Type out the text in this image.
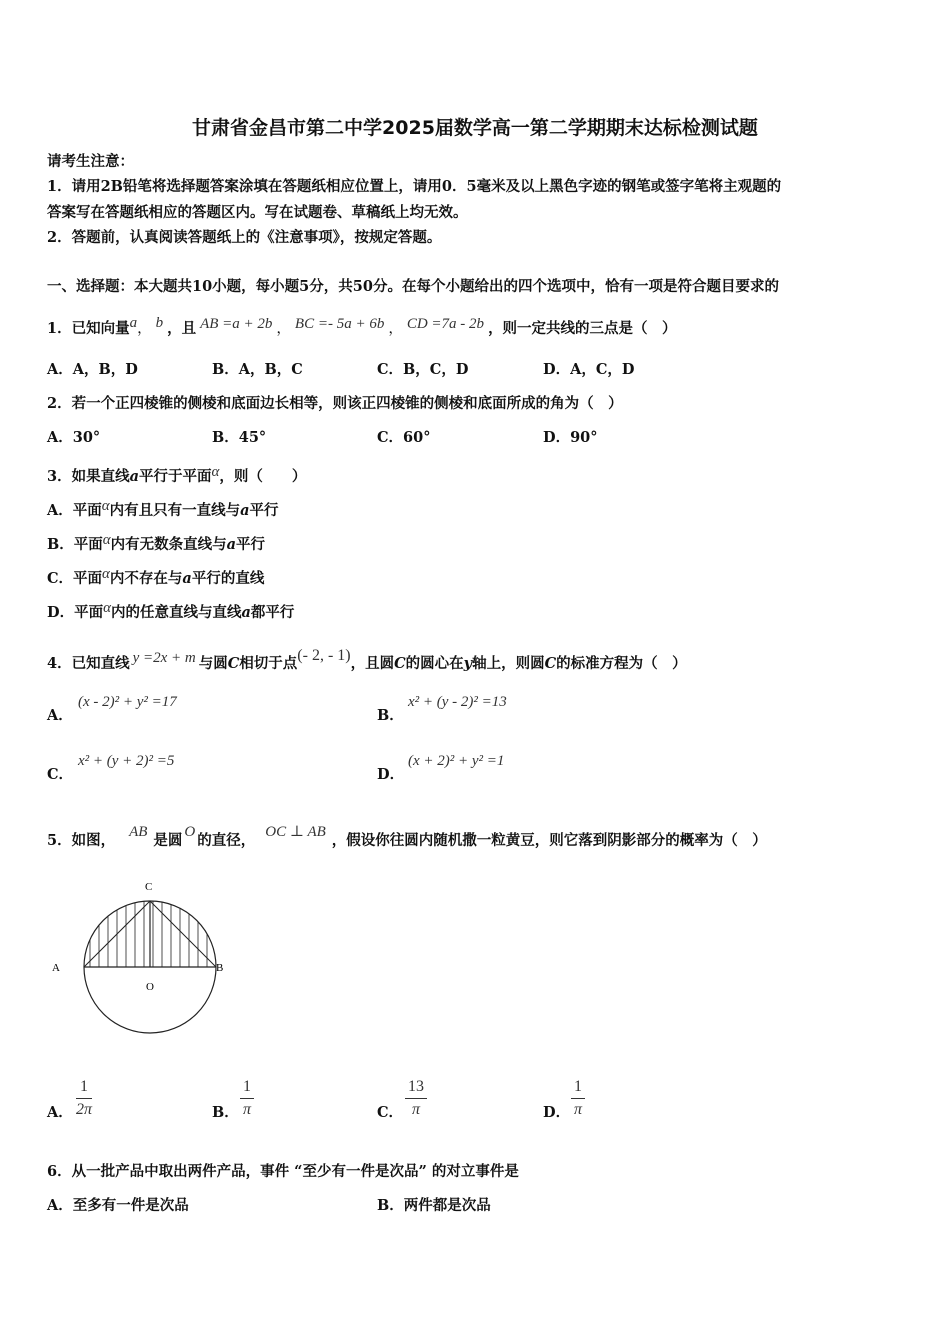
甘肃省金昌市第二中学2025届数学高一第二学期期末达标检测试题
请考生注意：
1．请用2B铅笔将选择题答案涂填在答题纸相应位置上，请用0．5毫米及以上黑色字迹的钢笔或签字笔将主观题的
答案写在答题纸相应的答题区内。写在试题卷、草稿纸上均无效。
2．答题前，认真阅读答题纸上的《注意事项》，按规定答题。
一、选择题：本大题共10小题，每小题5分，共50分。在每个小题给出的四个选项中，恰有一项是符合题目要求的
1．已知向量a， b ，且 AB =a + 2b ， BC =- 5a + 6b ， CD =7a - 2b ，则一定共线的三点是（　）
A．A，B，D	B．A，B，C	C．B，C，D	D．A，C，D
2．若一个正四棱锥的侧棱和底面边长相等，则该正四棱锥的侧棱和底面所成的角为（　）
A．30°	B．45°	C．60°	D．90°
3．如果直线a平行于平面α，则（　　）
A．平面α内有且只有一直线与a平行
B．平面α内有无数条直线与a平行
C．平面α内不存在与a平行的直线
D．平面α内的任意直线与直线a都平行
4．已知直线 y =2x + m 与圆C相切于点(- 2, - 1)，且圆C的圆心在y轴上，则圆C的标准方程为（　）
A．
(x - 2)² + y² =17
B．
x² + (y - 2)² =13
C．
x² + (y + 2)² =5
D．
(x + 2)² + y² =1
5．如图， AB 是圆 O 的直径， OC ⊥ AB ，假设你往圆内随机撒一粒黄豆，则它落到阴影部分的概率为（　）
C
A	B
O
A．
1
2π	B．
1
π	C．
13
π	D．
1
π
6．从一批产品中取出两件产品，事件 “至少有一件是次品” 的对立事件是
A．至多有一件是次品	B．两件都是次品
